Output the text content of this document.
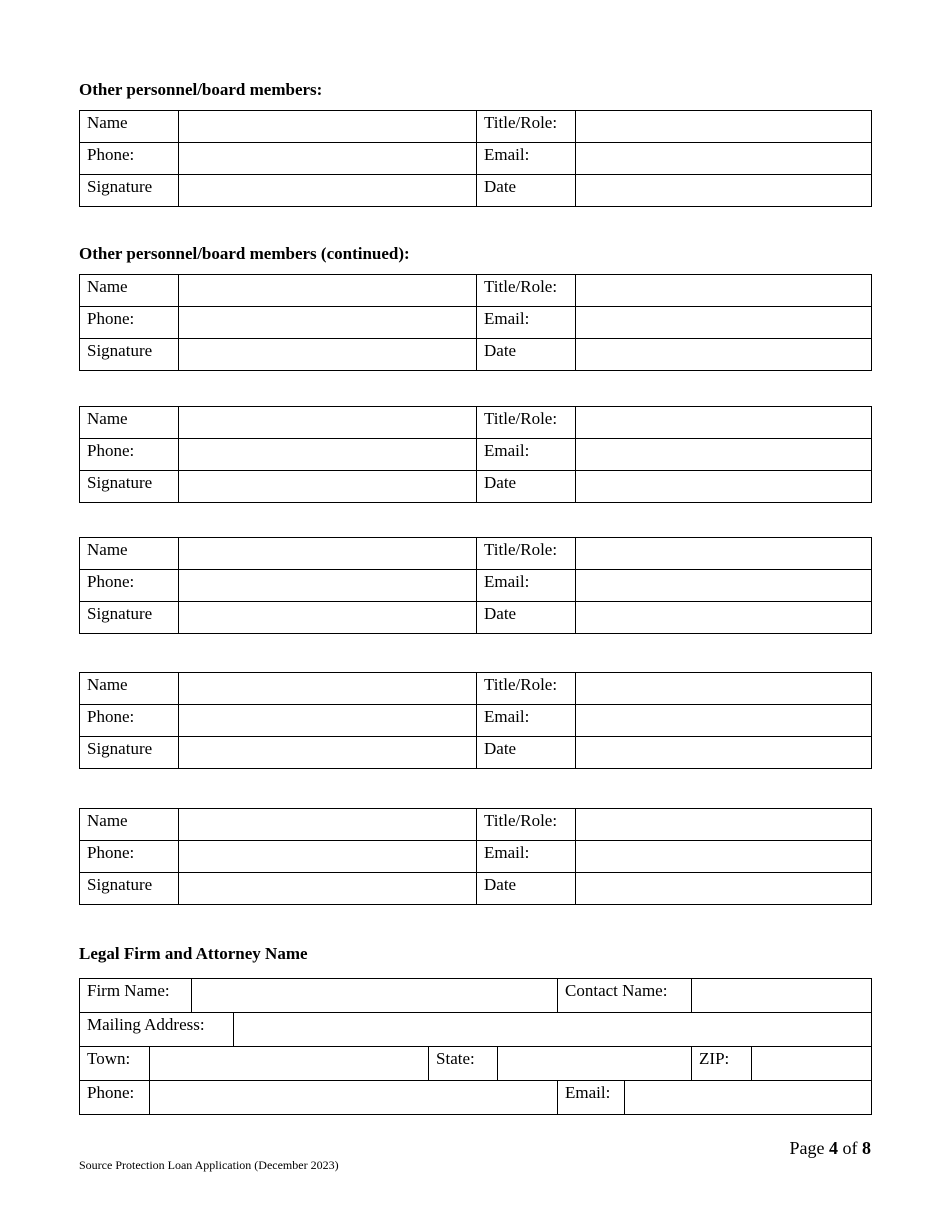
Other personnel/board members:
Name		Title/Role:	
Phone:		Email:	
Signature		Date	
Other personnel/board members (continued):
Name		Title/Role:	
Phone:		Email:	
Signature		Date	
Name		Title/Role:	
Phone:		Email:	
Signature		Date	
Name		Title/Role:	
Phone:		Email:	
Signature		Date	
Name		Title/Role:	
Phone:		Email:	
Signature		Date	
Name		Title/Role:	
Phone:		Email:	
Signature		Date	
Legal Firm and Attorney Name
Firm Name:						Contact Name:			
Mailing Address:									
Town:				State:				ZIP:	
Phone:						Email:			
Page 4 of 8
Source Protection Loan Application (December 2023)
